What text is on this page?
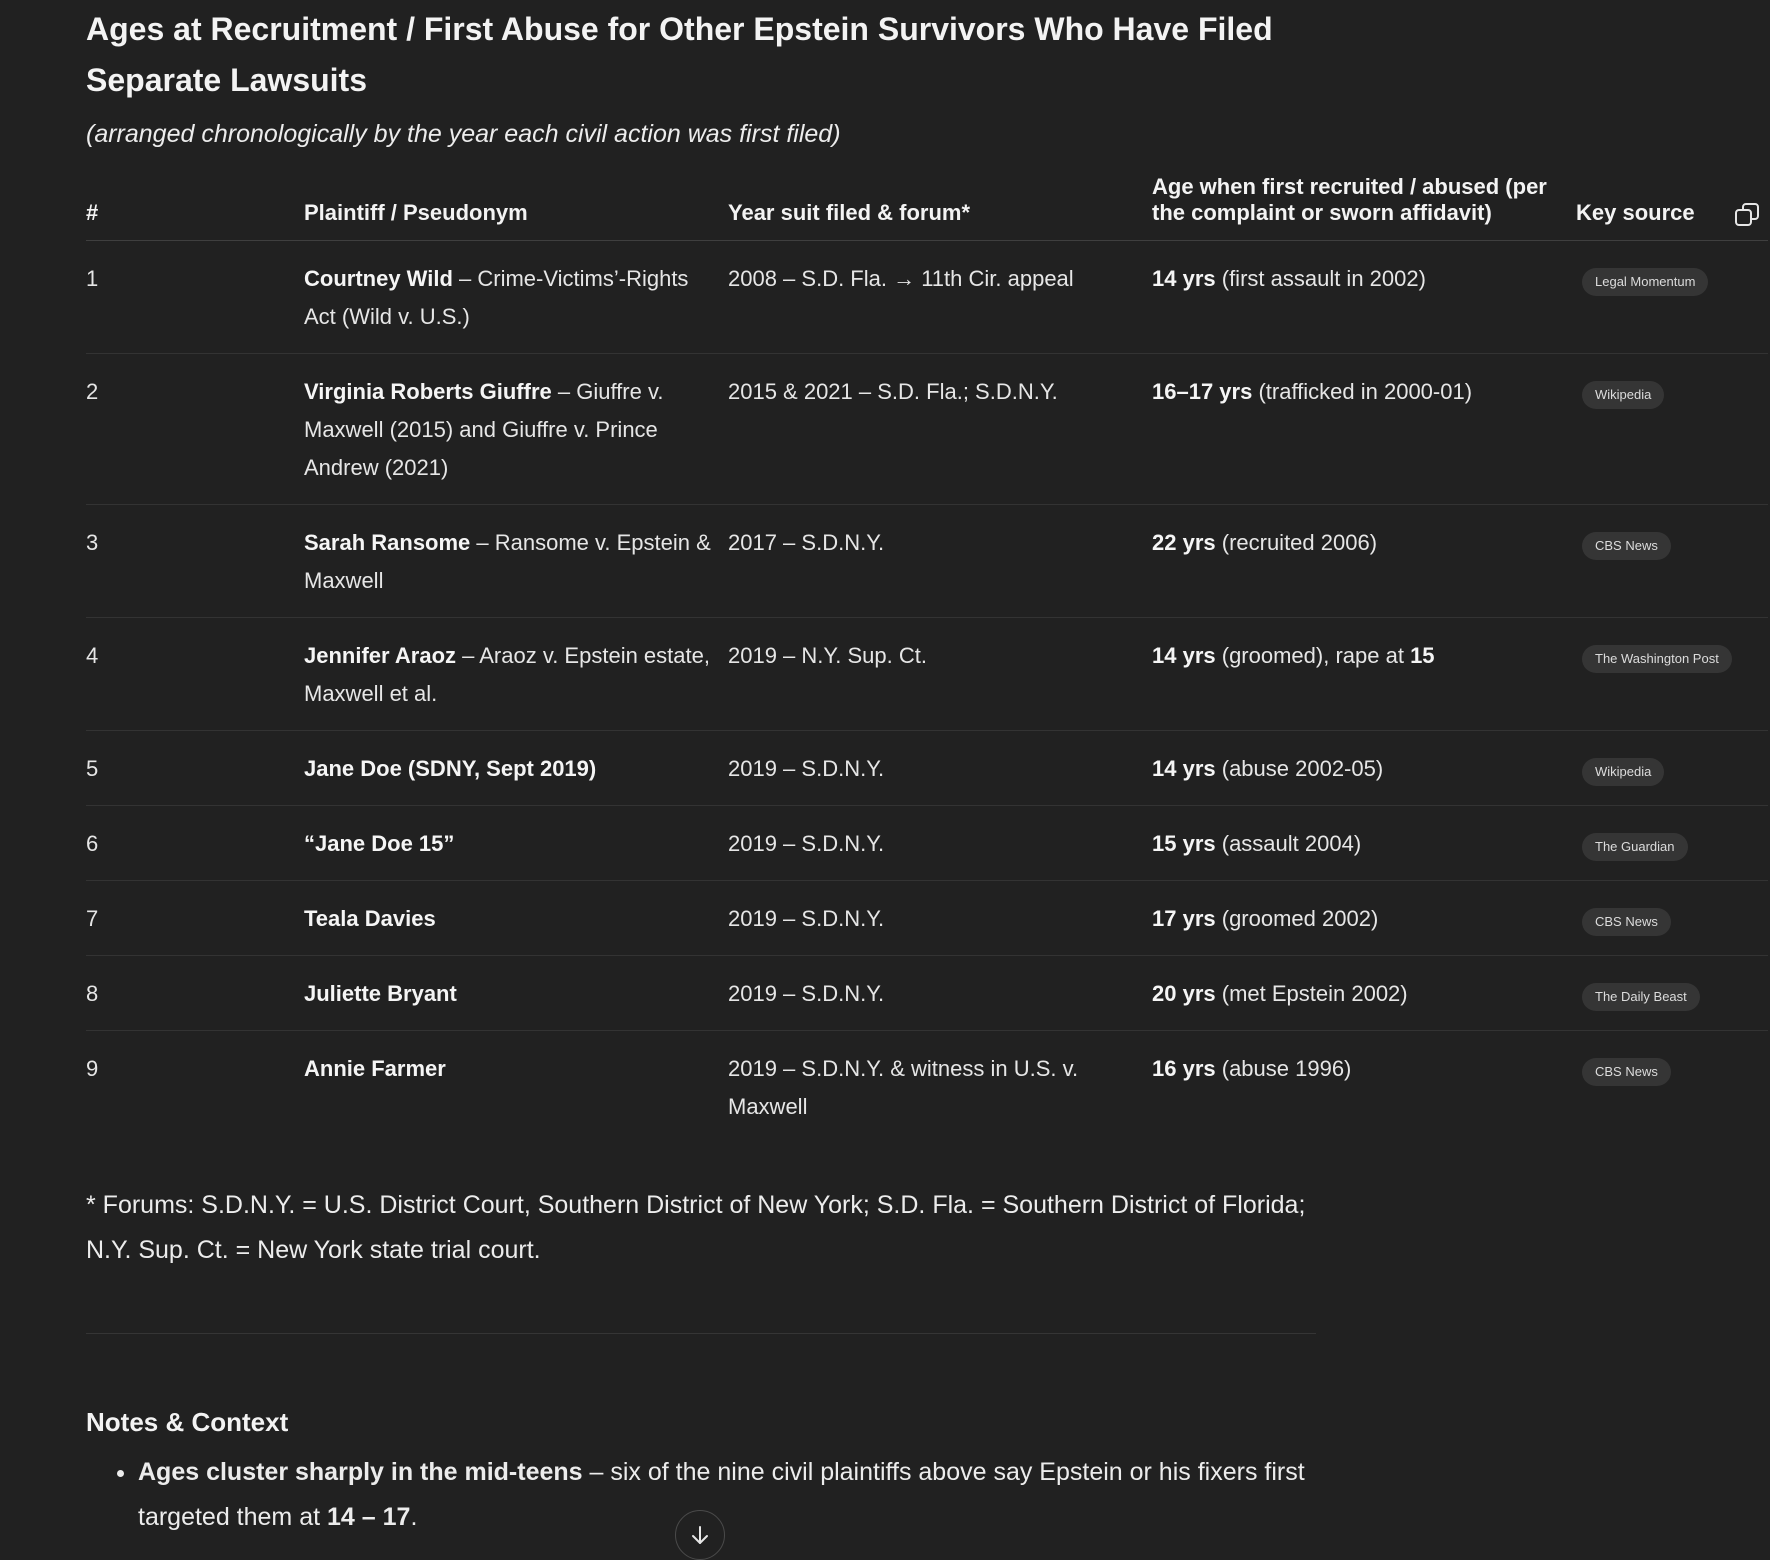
Ages at Recruitment / First Abuse for Other Epstein Survivors Who Have Filed Separate Lawsuits

(arranged chronologically by the year each civil action was first filed)

#	Plaintiff / Pseudonym	Year suit filed & forum*	Age when first recruited / abused (per the complaint or sworn affidavit)	Key source

1	Courtney Wild – Crime-Victims’-Rights Act (Wild v. U.S.)	2008 – S.D. Fla. → 11th Cir. appeal	14 yrs (first assault in 2002)	Legal Momentum
2	Virginia Roberts Giuffre – Giuffre v. Maxwell (2015) and Giuffre v. Prince Andrew (2021)	2015 & 2021 – S.D. Fla.; S.D.N.Y.	16–17 yrs (trafficked in 2000-01)	Wikipedia
3	Sarah Ransome – Ransome v. Epstein & Maxwell	2017 – S.D.N.Y.	22 yrs (recruited 2006)	CBS News
4	Jennifer Araoz – Araoz v. Epstein estate, Maxwell et al.	2019 – N.Y. Sup. Ct.	14 yrs (groomed), rape at 15	The Washington Post
5	Jane Doe (SDNY, Sept 2019)	2019 – S.D.N.Y.	14 yrs (abuse 2002-05)	Wikipedia
6	“Jane Doe 15”	2019 – S.D.N.Y.	15 yrs (assault 2004)	The Guardian
7	Teala Davies	2019 – S.D.N.Y.	17 yrs (groomed 2002)	CBS News
8	Juliette Bryant	2019 – S.D.N.Y.	20 yrs (met Epstein 2002)	The Daily Beast
9	Annie Farmer	2019 – S.D.N.Y. & witness in U.S. v. Maxwell	16 yrs (abuse 1996)	CBS News
* Forums: S.D.N.Y. = U.S. District Court, Southern District of New York; S.D. Fla. = Southern District of Florida; N.Y. Sup. Ct. = New York state trial court.
Notes & Context
• Ages cluster sharply in the mid-teens – six of the nine civil plaintiffs above say Epstein or his fixers first targeted them at 14 – 17.
